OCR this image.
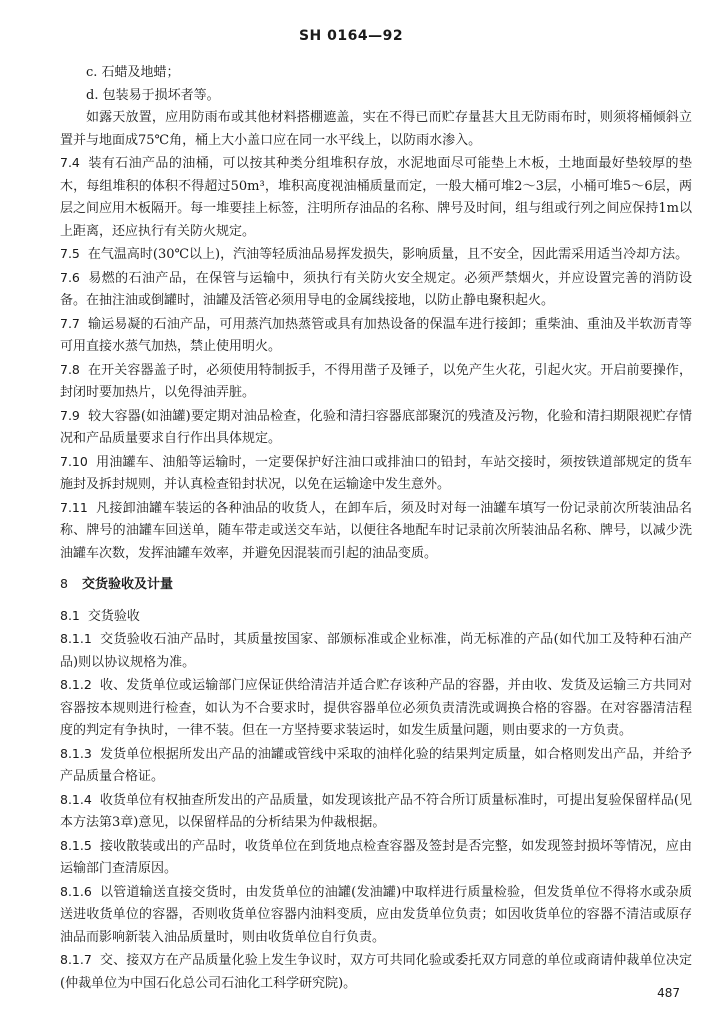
SH 0164—92

c. 石蜡及地蜡；

d. 包装易于损坏者等。

如露天放置，应用防雨布或其他材料搭棚遮盖，实在不得已而贮存量甚大且无防雨布时，则须将桶倾斜立置并与地面成75℃角，桶上大小盖口应在同一水平线上，以防雨水渗入。

7.4 装有石油产品的油桶，可以按其种类分组堆积存放，水泥地面尽可能垫上木板，土地面最好垫较厚的垫木，每组堆积的体积不得超过50m³，堆积高度视油桶质量而定，一般大桶可堆2～3层，小桶可堆5～6层，两层之间应用木板隔开。每一堆要挂上标签，注明所存油品的名称、牌号及时间，组与组或行列之间应保持1m以上距离，还应执行有关防火规定。

7.5 在气温高时(30℃以上)，汽油等轻质油品易挥发损失，影响质量，且不安全，因此需采用适当冷却方法。

7.6 易燃的石油产品，在保管与运输中，须执行有关防火安全规定。必须严禁烟火，并应设置完善的消防设备。在抽注油或倒罐时，油罐及活管必须用导电的金属线接地，以防止静电聚积起火。

7.7 输运易凝的石油产品，可用蒸汽加热蒸管或具有加热设备的保温车进行接卸；重柴油、重油及半软沥青等可用直接水蒸气加热，禁止使用明火。

7.8 在开关容器盖子时，必须使用特制扳手，不得用凿子及锤子，以免产生火花，引起火灾。开启前要操作，封闭时要加热片，以免得油弄脏。

7.9 较大容器(如油罐)要定期对油品检查，化验和清扫容器底部聚沉的残渣及污物，化验和清扫期限视贮存情况和产品质量要求自行作出具体规定。

7.10 用油罐车、油船等运输时，一定要保护好注油口或排油口的铅封，车站交接时，须按铁道部规定的货车施封及拆封规则，并认真检查铅封状况，以免在运输途中发生意外。

7.11 凡接卸油罐车装运的各种油品的收货人，在卸车后，须及时对每一油罐车填写一份记录前次所装油品名称、牌号的油罐车回送单，随车带走或送交车站，以便往各地配车时记录前次所装油品名称、牌号，以减少洗油罐车次数，发挥油罐车效率，并避免因混装而引起的油品变质。

8 交货验收及计量

8.1 交货验收

8.1.1 交货验收石油产品时，其质量按国家、部颁标准或企业标准，尚无标准的产品(如代加工及特种石油产品)则以协议规格为准。

8.1.2 收、发货单位或运输部门应保证供给清洁并适合贮存该种产品的容器，并由收、发货及运输三方共同对容器按本规则进行检查，如认为不合要求时，提供容器单位必须负责清洗或调换合格的容器。在对容器清洁程度的判定有争执时，一律不装。但在一方坚持要求装运时，如发生质量问题，则由要求的一方负责。

8.1.3 发货单位根据所发出产品的油罐或管线中采取的油样化验的结果判定质量，如合格则发出产品，并给予产品质量合格证。

8.1.4 收货单位有权抽查所发出的产品质量，如发现该批产品不符合所订质量标准时，可提出复验保留样品(见本方法第3章)意见，以保留样品的分析结果为仲裁根据。

8.1.5 接收散装或出的产品时，收货单位在到货地点检查容器及签封是否完整，如发现签封损坏等情况，应由运输部门查清原因。

8.1.6 以管道输送直接交货时，由发货单位的油罐(发油罐)中取样进行质量检验，但发货单位不得将水或杂质送进收货单位的容器，否则收货单位容器内油料变质，应由发货单位负责；如因收货单位的容器不清洁或原存油品而影响新装入油品质量时，则由收货单位自行负责。

8.1.7 交、接双方在产品质量化验上发生争议时，双方可共同化验或委托双方同意的单位或商请仲裁单位决定(仲裁单位为中国石化总公司石油化工科学研究院)。

487
